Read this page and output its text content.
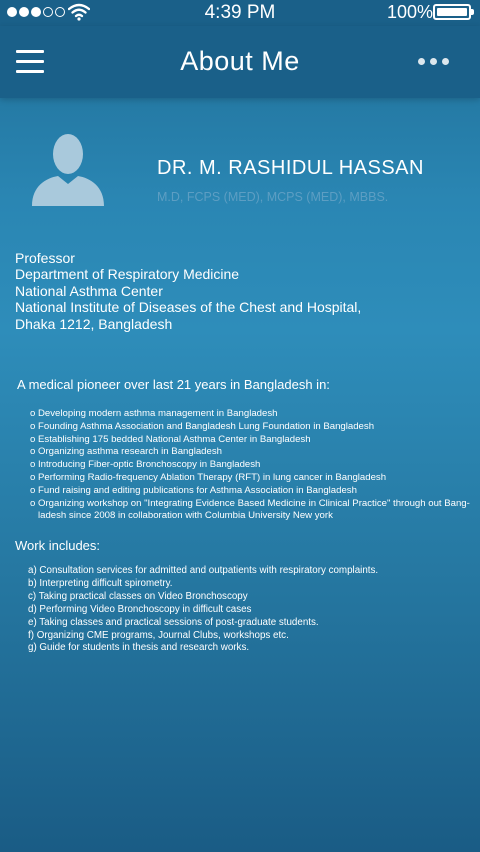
4:39 PM	100%
About Me
DR. M. RASHIDUL HASSAN
M.D, FCPS (MED), MCPS (MED), MBBS.
Professor
Department of Respiratory Medicine
National Asthma Center
National Institute of Diseases of the Chest and Hospital,
Dhaka 1212, Bangladesh
A medical pioneer over last 21 years in Bangladesh in:
o Developing modern asthma management in Bangladesh
o Founding Asthma Association and Bangladesh Lung Foundation in Bangladesh
o Establishing 175 bedded National Asthma Center in Bangladesh
o Organizing asthma research in Bangladesh
o Introducing Fiber-optic Bronchoscopy in Bangladesh
o Performing Radio-frequency Ablation Therapy (RFT) in lung cancer in Bangladesh
o Fund raising and editing publications for Asthma Association in Bangladesh
o Organizing workshop on "Integrating Evidence Based Medicine in Clinical Practice" through out Bang-ladesh since 2008 in collaboration with Columbia University New york
Work includes:
a) Consultation services for admitted and outpatients with respiratory complaints.
b) Interpreting difficult spirometry.
c) Taking practical classes on Video Bronchoscopy
d) Performing Video Bronchoscopy in difficult cases
e) Taking classes and practical sessions of post-graduate students.
f) Organizing CME programs, Journal Clubs, workshops etc.
g) Guide for students in thesis and research works.
